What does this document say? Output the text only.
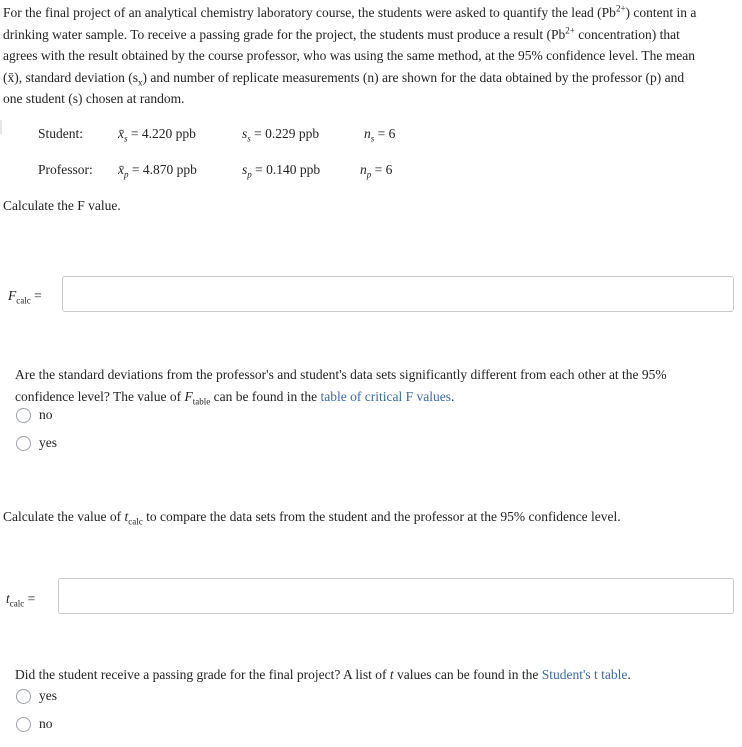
For the final project of an analytical chemistry laboratory course, the students were asked to quantify the lead $(Pb^{2+})$ content in a
drinking water sample. To receive a passing grade for the project, the students must produce a result ($Pb^{2+}$ concentration) that
agrees with the result obtained by the course professor, who was using the same method, at the 95% confidence level. The mean
(x̄), standard deviation $(s_x)$ and number of replicate measurements (n) are shown for the data obtained by the professor (p) and
one student (s) chosen at random.
Student:	$x̄_s = 4.220$ ppb	$s_s = 0.229$ ppb	$n_s = 6$
Professor: $x̄_p = 4.870$ ppb	$s_p = 0.140$ ppb	$n_p = 6$
Calculate the F value.
$F_{calc}$ =
Are the standard deviations from the professor's and student's data sets significantly different from each other at the 95%
confidence level? The value of $F_{table}$ can be found in the table of critical F values.
no
yes
Calculate the value of $t_{calc}$ to compare the data sets from the student and the professor at the 95% confidence level.
$t_{calc}$ =
Did the student receive a passing grade for the final project? A list of t values can be found in the Student's t table.
yes
no
